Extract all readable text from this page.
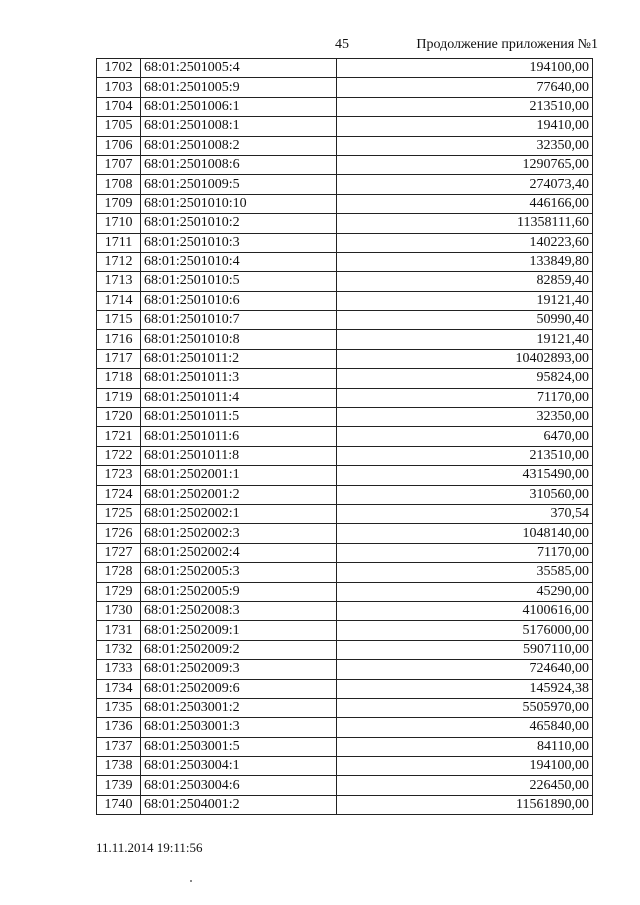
45	Продолжение приложения №1
1702	68:01:2501005:4	194100,00
1703	68:01:2501005:9	77640,00
1704	68:01:2501006:1	213510,00
1705	68:01:2501008:1	19410,00
1706	68:01:2501008:2	32350,00
1707	68:01:2501008:6	1290765,00
1708	68:01:2501009:5	274073,40
1709	68:01:2501010:10	446166,00
1710	68:01:2501010:2	11358111,60
1711	68:01:2501010:3	140223,60
1712	68:01:2501010:4	133849,80
1713	68:01:2501010:5	82859,40
1714	68:01:2501010:6	19121,40
1715	68:01:2501010:7	50990,40
1716	68:01:2501010:8	19121,40
1717	68:01:2501011:2	10402893,00
1718	68:01:2501011:3	95824,00
1719	68:01:2501011:4	71170,00
1720	68:01:2501011:5	32350,00
1721	68:01:2501011:6	6470,00
1722	68:01:2501011:8	213510,00
1723	68:01:2502001:1	4315490,00
1724	68:01:2502001:2	310560,00
1725	68:01:2502002:1	370,54
1726	68:01:2502002:3	1048140,00
1727	68:01:2502002:4	71170,00
1728	68:01:2502005:3	35585,00
1729	68:01:2502005:9	45290,00
1730	68:01:2502008:3	4100616,00
1731	68:01:2502009:1	5176000,00
1732	68:01:2502009:2	5907110,00
1733	68:01:2502009:3	724640,00
1734	68:01:2502009:6	145924,38
1735	68:01:2503001:2	5505970,00
1736	68:01:2503001:3	465840,00
1737	68:01:2503001:5	84110,00
1738	68:01:2503004:1	194100,00
1739	68:01:2503004:6	226450,00
1740	68:01:2504001:2	11561890,00
11.11.2014 19:11:56
